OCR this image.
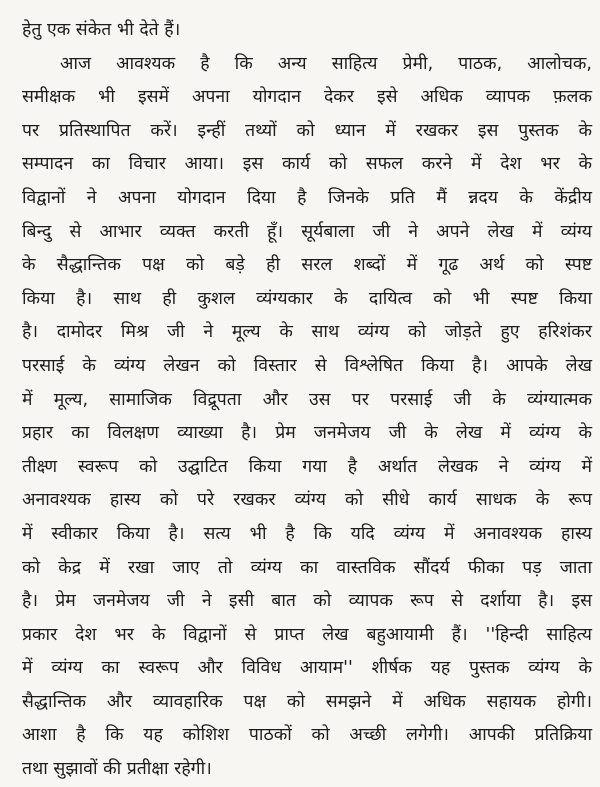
हेतु एक संकेत भी देते हैं।
आज आवश्यक है कि अन्य साहित्य प्रेमी, पाठक, आलोचक,
समीक्षक भी इसमें अपना योगदान देकर इसे अधिक व्यापक फ़लक
पर प्रतिस्थापित करें। इन्हीं तथ्यों को ध्यान में रखकर इस पुस्तक के
सम्पादन का विचार आया। इस कार्य को सफल करने में देश भर के
विद्वानों ने अपना योगदान दिया है जिनके प्रति मैं न्नदय के केंद्रीय
बिन्दु से आभार व्यक्त करती हूँ। सूर्यबाला जी ने अपने लेख में व्यंग्य
के सैद्धान्तिक पक्ष को बड़े ही सरल शब्दों में गूढ अर्थ को स्पष्ट
किया है। साथ ही कुशल व्यंग्यकार के दायित्व को भी स्पष्ट किया
है। दामोदर मिश्र जी ने मूल्य के साथ व्यंग्य को जोड़ते हुए हरिशंकर
परसाई के व्यंग्य लेखन को विस्तार से विश्लेषित किया है। आपके लेख
में मूल्य, सामाजिक विद्रूपता और उस पर परसाई जी के व्यंग्यात्मक
प्रहार का विलक्षण व्याख्या है। प्रेम जनमेजय जी के लेख में व्यंग्य के
तीक्ष्ण स्वरूप को उद्घाटित किया गया है अर्थात लेखक ने व्यंग्य में
अनावश्यक हास्य को परे रखकर व्यंग्य को सीधे कार्य साधक के रूप
में स्वीकार किया है। सत्य भी है कि यदि व्यंग्य में अनावश्यक हास्य
को केद्र में रखा जाए तो व्यंग्य का वास्तविक सौंदर्य फीका पड़ जाता
है। प्रेम जनमेजय जी ने इसी बात को व्यापक रूप से दर्शाया है। इस
प्रकार देश भर के विद्वानों से प्राप्त लेख बहुआयामी हैं। ''हिन्दी साहित्य
में व्यंग्य का स्वरूप और विविध आयाम'' शीर्षक यह पुस्तक व्यंग्य के
सैद्धान्तिक और व्यावहारिक पक्ष को समझने में अधिक सहायक होगी।
आशा है कि यह कोशिश पाठकों को अच्छी लगेगी। आपकी प्रतिक्रिया
तथा सुझावों की प्रतीक्षा रहेगी।
